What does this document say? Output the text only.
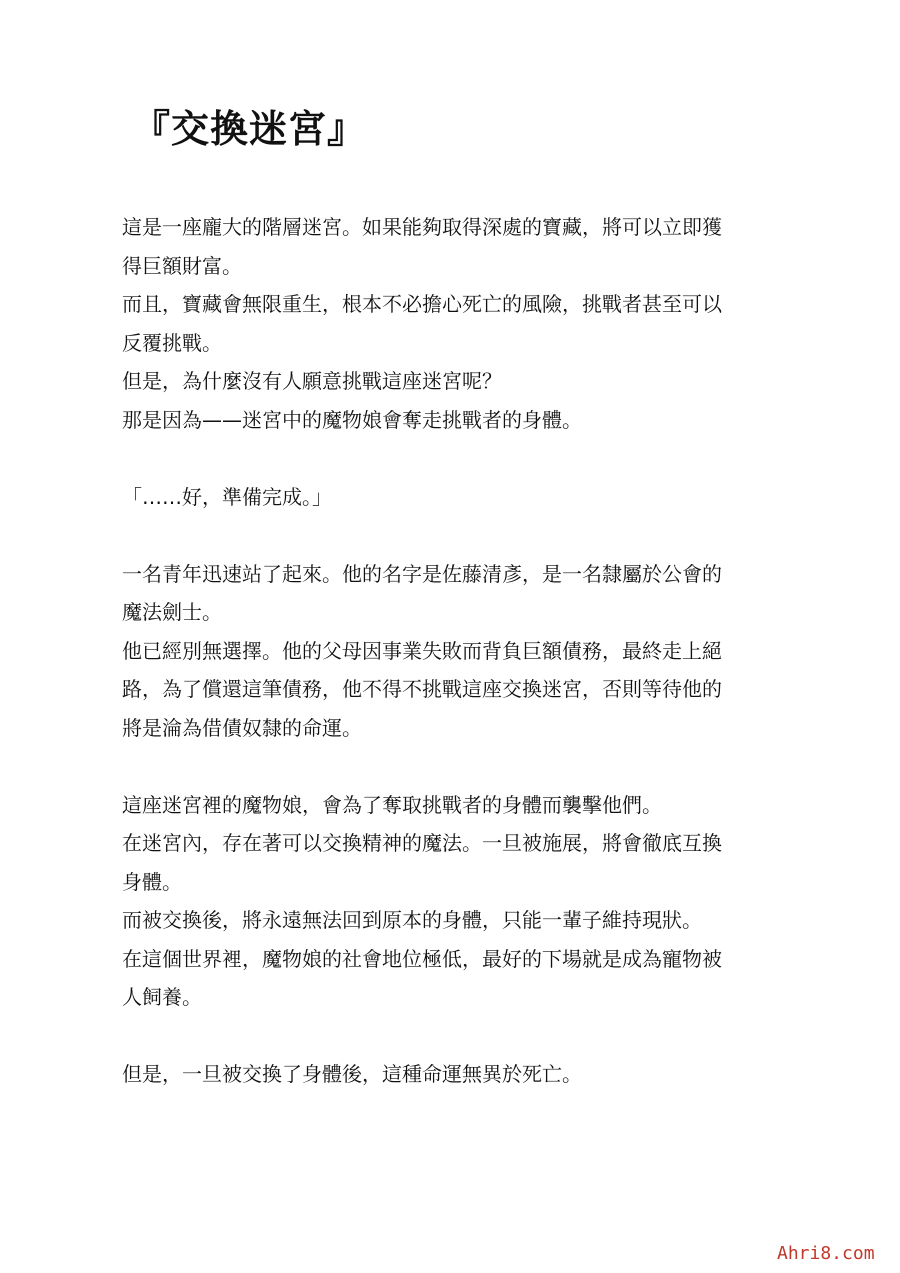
『交換迷宮』

這是一座龐大的階層迷宮。如果能夠取得深處的寶藏，將可以立即獲

得巨額財富。

而且，寶藏會無限重生，根本不必擔心死亡的風險，挑戰者甚至可以

反覆挑戰。

但是，為什麼沒有人願意挑戰這座迷宮呢？

那是因為——迷宮中的魔物娘會奪走挑戰者的身體。

「……好，準備完成。」

一名青年迅速站了起來。他的名字是佐藤清彥，是一名隸屬於公會的

魔法劍士。

他已經別無選擇。他的父母因事業失敗而背負巨額債務，最終走上絕

路，為了償還這筆債務，他不得不挑戰這座交換迷宮，否則等待他的

將是淪為借債奴隸的命運。

這座迷宮裡的魔物娘，會為了奪取挑戰者的身體而襲擊他們。

在迷宮內，存在著可以交換精神的魔法。一旦被施展，將會徹底互換

身體。

而被交換後，將永遠無法回到原本的身體，只能一輩子維持現狀。

在這個世界裡，魔物娘的社會地位極低，最好的下場就是成為寵物被

人飼養。

但是，一旦被交換了身體後，這種命運無異於死亡。

Ahri8.com
